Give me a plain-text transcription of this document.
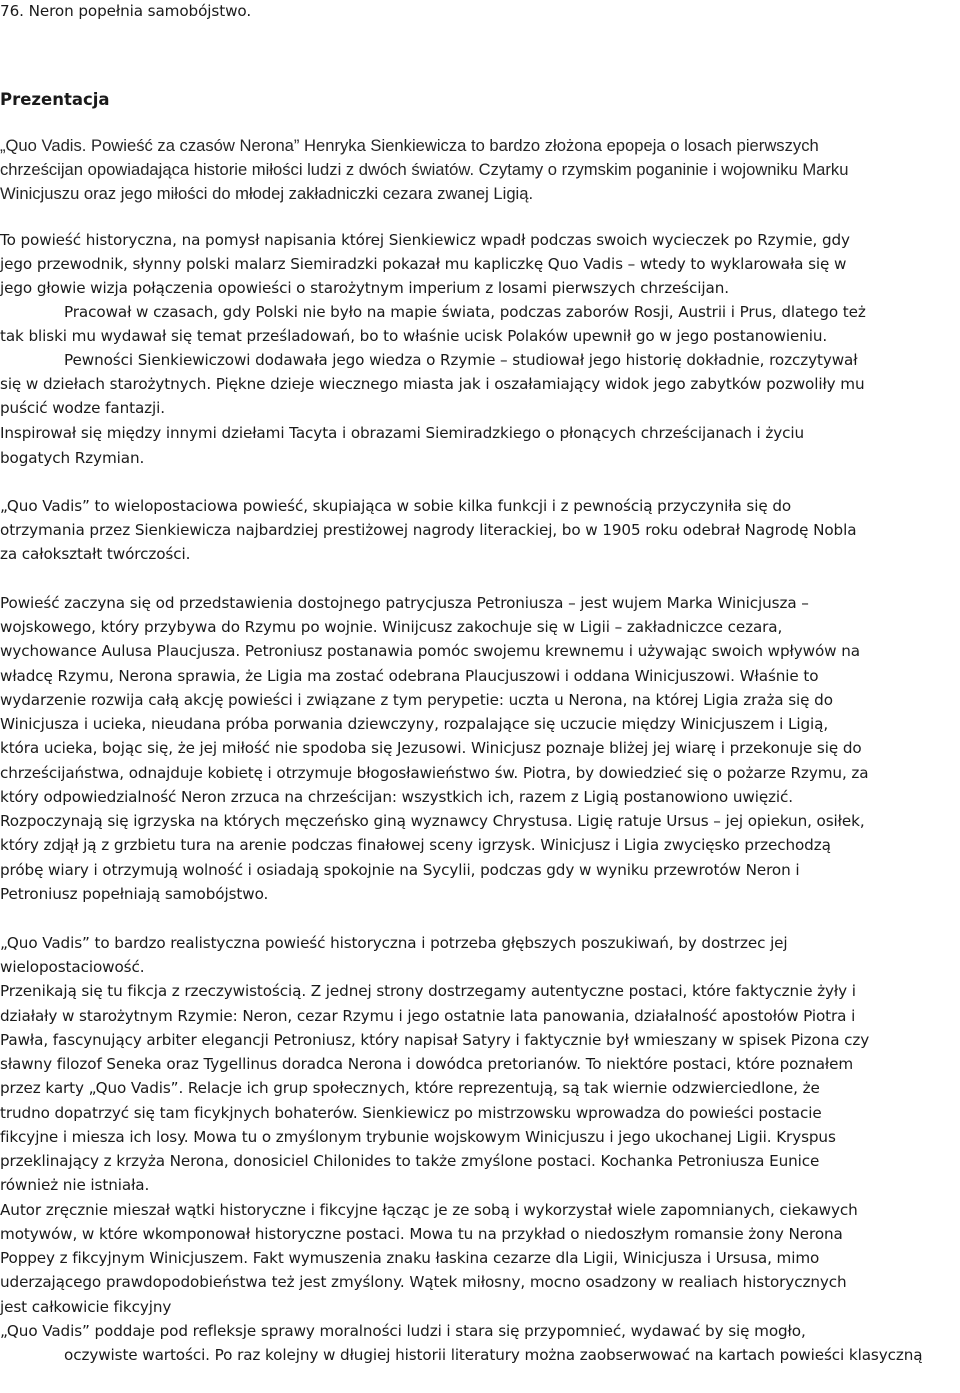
76. Neron popełnia samobójstwo.
Prezentacja
„Quo Vadis. Powieść za czasów Nerona” Henryka Sienkiewicza to bardzo złożona epopeja o losach pierwszych
chrześcijan opowiadająca historie miłości ludzi z dwóch światów. Czytamy o rzymskim poganinie i wojowniku Marku
Winicjuszu oraz jego miłości do młodej zakładniczki cezara zwanej Ligią.
To powieść historyczna, na pomysł napisania której Sienkiewicz wpadł podczas swoich wycieczek po Rzymie, gdy
jego przewodnik, słynny polski malarz Siemiradzki pokazał mu kapliczkę Quo Vadis – wtedy to wyklarowała się w
jego głowie wizja połączenia opowieści o starożytnym imperium z losami pierwszych chrześcijan.
Pracował w czasach, gdy Polski nie było na mapie świata, podczas zaborów Rosji, Austrii i Prus, dlatego też
tak bliski mu wydawał się temat prześladowań, bo to właśnie ucisk Polaków upewnił go w jego postanowieniu.
Pewności Sienkiewiczowi dodawała jego wiedza o Rzymie – studiował jego historię dokładnie, rozczytywał
się w dziełach starożytnych. Piękne dzieje wiecznego miasta jak i oszałamiający widok jego zabytków pozwoliły mu
puścić wodze fantazji.
Inspirował się między innymi dziełami Tacyta i obrazami Siemiradzkiego o płonących chrześcijanach i życiu
bogatych Rzymian.
„Quo Vadis” to wielopostaciowa powieść, skupiająca w sobie kilka funkcji i z pewnością przyczyniła się do
otrzymania przez Sienkiewicza najbardziej prestiżowej nagrody literackiej, bo w 1905 roku odebrał Nagrodę Nobla
za całokształt twórczości.
Powieść zaczyna się od przedstawienia dostojnego patrycjusza Petroniusza – jest wujem Marka Winicjusza –
wojskowego, który przybywa do Rzymu po wojnie. Winijcusz zakochuje się w Ligii – zakładniczce cezara,
wychowance Aulusa Plaucjusza. Petroniusz postanawia pomóc swojemu krewnemu i używając swoich wpływów na
władcę Rzymu, Nerona sprawia, że Ligia ma zostać odebrana Plaucjuszowi i oddana Winicjuszowi. Właśnie to
wydarzenie rozwija całą akcję powieści i związane z tym perypetie: uczta u Nerona, na której Ligia zraża się do
Winicjusza i ucieka, nieudana próba porwania dziewczyny, rozpalające się uczucie między Winicjuszem i Ligią,
która ucieka, bojąc się, że jej miłość nie spodoba się Jezusowi. Winicjusz poznaje bliżej jej wiarę i przekonuje się do
chrześcijaństwa, odnajduje kobietę i otrzymuje błogosławieństwo św. Piotra, by dowiedzieć się o pożarze Rzymu, za
który odpowiedzialność Neron zrzuca na chrześcijan: wszystkich ich, razem z Ligią postanowiono uwięzić.
Rozpoczynają się igrzyska na których męczeńsko giną wyznawcy Chrystusa. Ligię ratuje Ursus – jej opiekun, osiłek,
który zdjął ją z grzbietu tura na arenie podczas finałowej sceny igrzysk. Winicjusz i Ligia zwycięsko przechodzą
próbę wiary i otrzymują wolność i osiadają spokojnie na Sycylii, podczas gdy w wyniku przewrotów Neron i
Petroniusz popełniają samobójstwo.
„Quo Vadis” to bardzo realistyczna powieść historyczna i potrzeba głębszych poszukiwań, by dostrzec jej
wielopostaciowość.
Przenikają się tu fikcja z rzeczywistością. Z jednej strony dostrzegamy autentyczne postaci, które faktycznie żyły i
działały w starożytnym Rzymie: Neron, cezar Rzymu i jego ostatnie lata panowania, działalność apostołów Piotra i
Pawła, fascynujący arbiter elegancji Petroniusz, który napisał Satyry i faktycznie był wmieszany w spisek Pizona czy
sławny filozof Seneka oraz Tygellinus doradca Nerona i dowódca pretorianów. To niektóre postaci, które poznałem
przez karty „Quo Vadis”. Relacje ich grup społecznych, które reprezentują, są tak wiernie odzwierciedlone, że
trudno dopatrzyć się tam ficykjnych bohaterów. Sienkiewicz po mistrzowsku wprowadza do powieści postacie
fikcyjne i miesza ich losy. Mowa tu o zmyślonym trybunie wojskowym Winicjuszu i jego ukochanej Ligii. Kryspus
przeklinający z krzyża Nerona, donosiciel Chilonides to także zmyślone postaci. Kochanka Petroniusza Eunice
również nie istniała.
Autor zręcznie mieszał wątki historyczne i fikcyjne łącząc je ze sobą i wykorzystał wiele zapomnianych, ciekawych
motywów, w które wkomponował historyczne postaci. Mowa tu na przykład o niedoszłym romansie żony Nerona
Poppey z fikcyjnym Winicjuszem. Fakt wymuszenia znaku łaskina cezarze dla Ligii, Winicjusza i Ursusa, mimo
uderzającego prawdopodobieństwa też jest zmyślony. Wątek miłosny, mocno osadzony w realiach historycznych
jest całkowicie fikcyjny
„Quo Vadis” poddaje pod refleksje sprawy moralności ludzi i stara się przypomnieć, wydawać by się mogło,
oczywiste wartości. Po raz kolejny w długiej historii literatury można zaobserwować na kartach powieści klasyczną
